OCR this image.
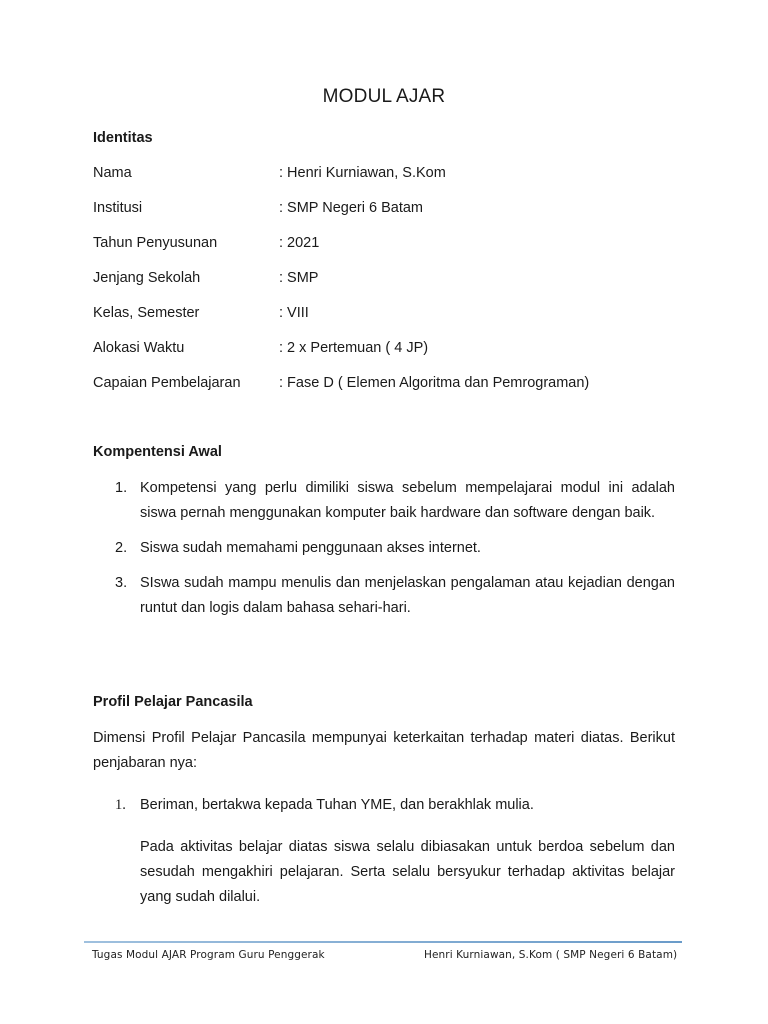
MODUL AJAR
Identitas
Nama	: Henri Kurniawan, S.Kom
Institusi	: SMP Negeri 6 Batam
Tahun Penyusunan	: 2021
Jenjang Sekolah	: SMP
Kelas, Semester	: VIII
Alokasi Waktu	: 2 x Pertemuan ( 4 JP)
Capaian Pembelajaran	: Fase D ( Elemen Algoritma dan Pemrograman)
Kompentensi Awal
1. Kompetensi yang perlu dimiliki siswa sebelum mempelajarai modul ini adalah siswa pernah menggunakan komputer baik hardware dan software dengan baik.
2. Siswa sudah memahami penggunaan akses internet.
3. SIswa sudah mampu menulis dan menjelaskan pengalaman atau kejadian dengan runtut dan logis dalam bahasa sehari-hari.
Profil Pelajar Pancasila
Dimensi Profil Pelajar Pancasila mempunyai keterkaitan terhadap materi diatas. Berikut penjabaran nya:
1. Beriman, bertakwa kepada Tuhan YME, dan berakhlak mulia.
Pada aktivitas belajar diatas siswa selalu dibiasakan untuk berdoa sebelum dan sesudah mengakhiri pelajaran. Serta selalu bersyukur terhadap aktivitas belajar yang sudah dilalui.
Tugas Modul AJAR Program Guru Penggerak	Henri Kurniawan, S.Kom ( SMP Negeri 6 Batam)
